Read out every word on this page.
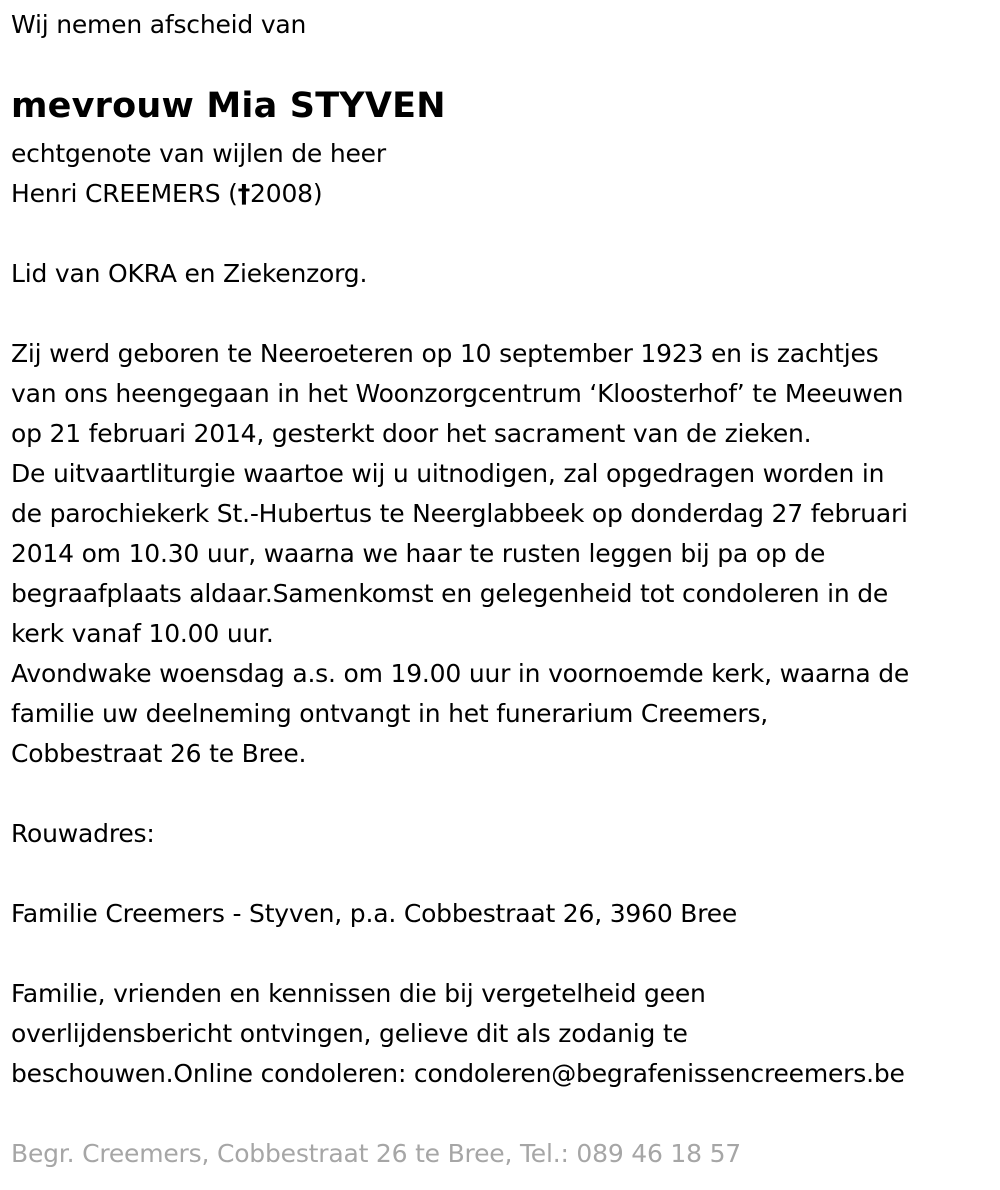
Wij nemen afscheid van
mevrouw Mia STYVEN
echtgenote van wijlen de heer
Henri CREEMERS (†2008)
Lid van OKRA en Ziekenzorg.
Zij werd geboren te Neeroeteren op 10 september 1923 en is zachtjes
van ons heengegaan in het Woonzorgcentrum ‘Kloosterhof’ te Meeuwen
op 21 februari 2014, gesterkt door het sacrament van de zieken.
De uitvaartliturgie waartoe wij u uitnodigen, zal opgedragen worden in
de parochiekerk St.-Hubertus te Neerglabbeek op donderdag 27 februari
2014 om 10.30 uur, waarna we haar te rusten leggen bij pa op de
begraafplaats aldaar.Samenkomst en gelegenheid tot condoleren in de
kerk vanaf 10.00 uur.
Avondwake woensdag a.s. om 19.00 uur in voornoemde kerk, waarna de
familie uw deelneming ontvangt in het funerarium Creemers,
Cobbestraat 26 te Bree.
Rouwadres:
Familie Creemers - Styven, p.a. Cobbestraat 26, 3960 Bree
Familie, vrienden en kennissen die bij vergetelheid geen
overlijdensbericht ontvingen, gelieve dit als zodanig te
beschouwen.Online condoleren: condoleren@begrafenissencreemers.be
Begr. Creemers, Cobbestraat 26 te Bree, Tel.: 089 46 18 57
